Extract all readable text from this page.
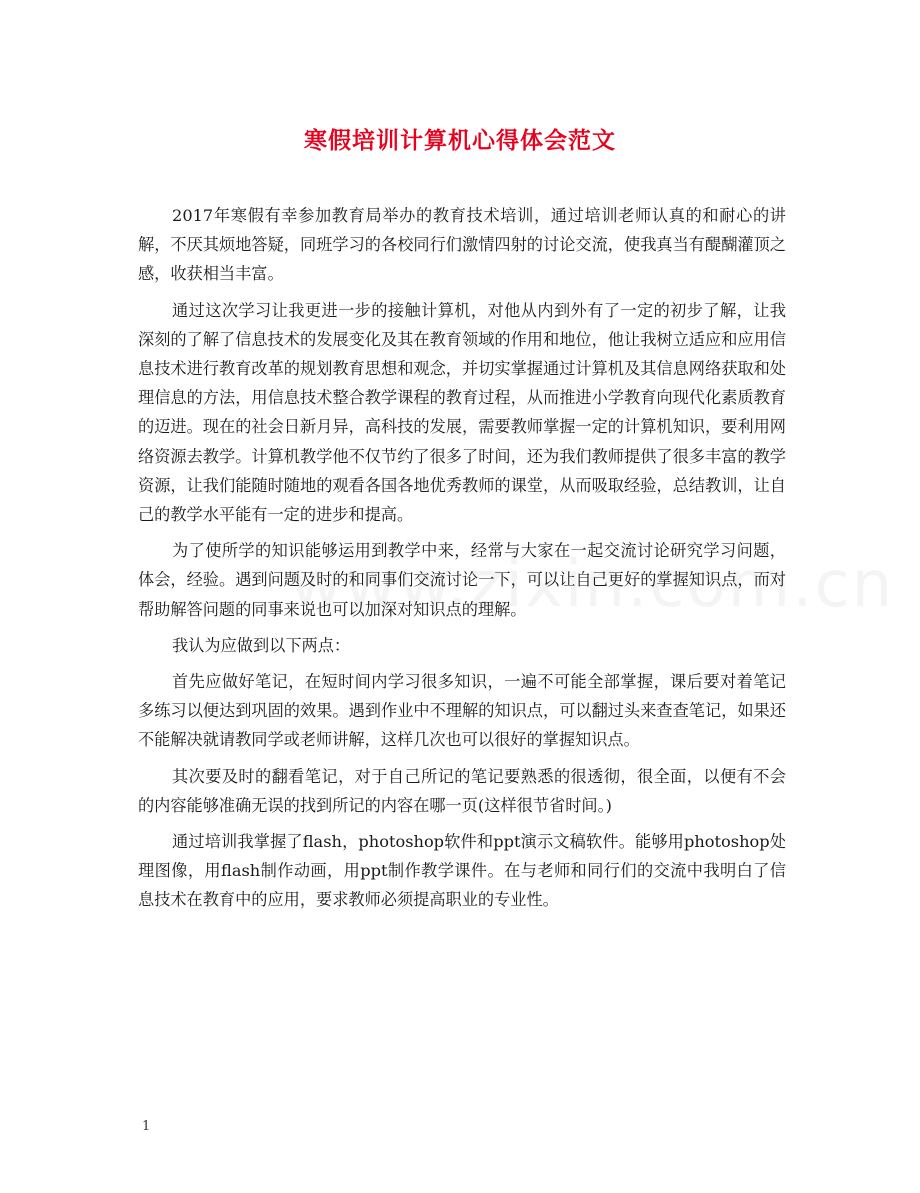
寒假培训计算机心得体会范文

2017年寒假有幸参加教育局举办的教育技术培训，通过培训老师认真的和耐心的讲解，不厌其烦地答疑，同班学习的各校同行们激情四射的讨论交流，使我真当有醍醐灌顶之感，收获相当丰富。

通过这次学习让我更进一步的接触计算机，对他从内到外有了一定的初步了解，让我深刻的了解了信息技术的发展变化及其在教育领域的作用和地位，他让我树立适应和应用信息技术进行教育改革的规划教育思想和观念，并切实掌握通过计算机及其信息网络获取和处理信息的方法，用信息技术整合教学课程的教育过程，从而推进小学教育向现代化素质教育的迈进。现在的社会日新月异，高科技的发展，需要教师掌握一定的计算机知识，要利用网络资源去教学。计算机教学他不仅节约了很多了时间，还为我们教师提供了很多丰富的教学资源，让我们能随时随地的观看各国各地优秀教师的课堂，从而吸取经验，总结教训，让自己的教学水平能有一定的进步和提高。

为了使所学的知识能够运用到教学中来，经常与大家在一起交流讨论研究学习问题，体会，经验。遇到问题及时的和同事们交流讨论一下，可以让自己更好的掌握知识点，而对帮助解答问题的同事来说也可以加深对知识点的理解。

我认为应做到以下两点：

首先应做好笔记，在短时间内学习很多知识，一遍不可能全部掌握，课后要对着笔记多练习以便达到巩固的效果。遇到作业中不理解的知识点，可以翻过头来查查笔记，如果还不能解决就请教同学或老师讲解，这样几次也可以很好的掌握知识点。

其次要及时的翻看笔记，对于自己所记的笔记要熟悉的很透彻，很全面，以便有不会的内容能够准确无误的找到所记的内容在哪一页(这样很节省时间。)

通过培训我掌握了flash，photoshop软件和ppt演示文稿软件。能够用photoshop处理图像，用flash制作动画，用ppt制作教学课件。在与老师和同行们的交流中我明白了信息技术在教育中的应用，要求教师必须提高职业的专业性。

1
